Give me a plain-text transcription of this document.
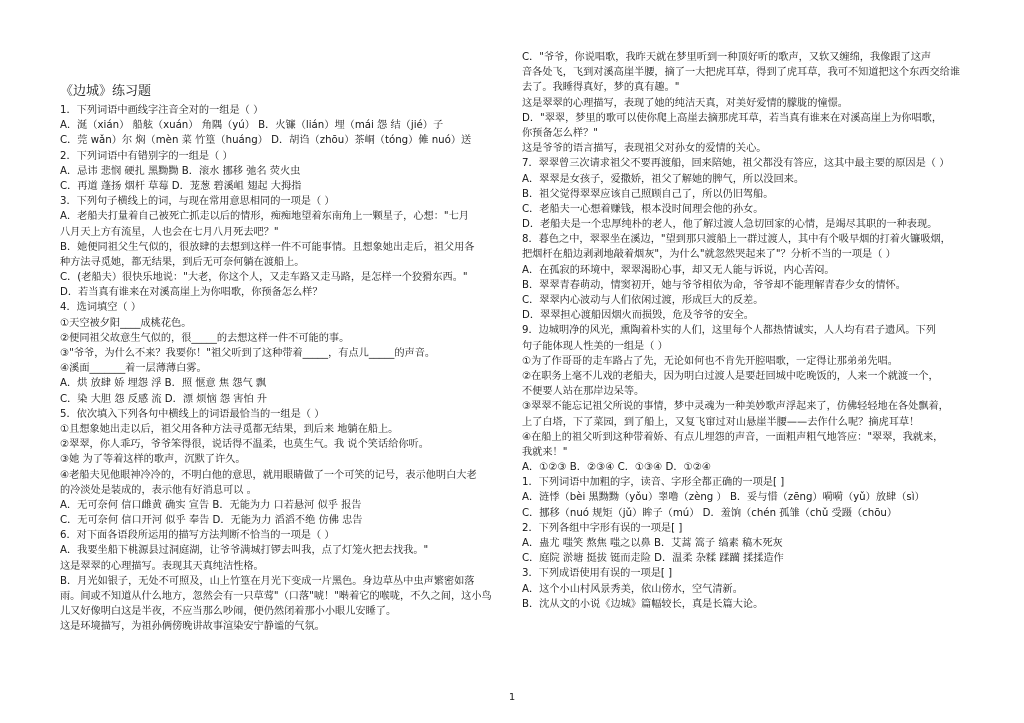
《边城》练习题
1．下列词语中画线字注音全对的一组是（ ）
A．涎（xián） 船舷（xuán） 角隅（yú） B．火镰（lián）埋（mái 怨 结（jié）子
C．莞 wǎn）尔 焖（mèn 菜 竹篁（huáng） D．胡诌（zhōu）茶峒（tóng）傩 nuó）送
2．下列词语中有错别字的一组是（ ）
A．忌讳 悲悯 硬扎 黑黝黝 B．滚水 挪移 弛名 荧火虫
C．再道 蓬扬 烟杆 草莓 D．茏葱 碧溪岨 翅起 大拇指
3．下列句子横线上的词，与现在常用意思相同的一项是（ ）
A．老船夫打量着自己被死亡抓走以后的情形，痴痴地望着东南角上一颗星子，心想："七月
八月天上方有流星，人也会在七月八月死去吧？"
B．她便同祖父生气似的，很放肆的去想到这样一件不可能事情。且想象她出走后，祖父用各
种方法寻觅她，都无结果，到后无可奈何躺在渡船上。
C．(老船夫）很快乐地说："大老，你这个人，又走车路又走马路，是怎样一个狡猾东西。"
D．若当真有谁来在对溪高崖上为你唱歌，你预备怎么样？
4．选词填空（ ）
①天空被夕阳____成桃花色。
②便同祖父故意生气似的，很_____的去想这样一件不可能的事。
③"爷爷，为什么不来？我要你！"祖父听到了这种带着_____，有点儿_____的声音。
④溪面_______着一层薄薄白雾。
A．烘 放肆 娇 埋怨 浮 B．照 惬意 焦 怨气 飘
C．染 大胆 怨 反感 流 D．漂 烦恼 怨 害怕 升
5．依次填入下列各句中横线上的词语最恰当的一组是（ ）
①且想象她出走以后，祖父用各种方法寻觅都无结果，到后来 地躺在船上。
②翠翠，你人乖巧，爷爷笨得很，说话得不温柔，也莫生气。我 说个笑话给你听。
③她 为了等着这样的歌声，沉默了许久。
④老船夫见他眼神冷冷的，不明白他的意思，就用眼睛做了一个可笑的记号，表示他明白大老
的冷淡处是装成的，表示他有好消息可以 。
A．无可奈何 信口雌黄 确实 宣告 B．无能为力 口若悬河 似乎 报告
C．无可奈何 信口开河 似乎 奉告 D．无能为力 滔滔不绝 仿佛 忠告
6．对下面各语段所运用的描写方法判断不恰当的一项是（ ）
A．我要坐船下桃源县过洞庭湖，让爷爷满城打锣去叫我，点了灯笼火把去找我。"
这是翠翠的心理描写。表现其天真纯洁性格。
B．月光如银子，无处不可照及，山上竹篁在月光下变成一片黑色。身边草丛中虫声繁密如落
雨。间或不知道从什么地方，忽然会有一只草莺"（口落"唬！"啭着它的喉咙，不久之间，这小鸟
儿又好像明白这是半夜，不应当那么吵闹，便仍然闭着那小小眼儿安睡了。
这是环境描写，为祖孙俩傍晚讲故事渲染安宁静谧的气氛。
C．"爷爷，你说唱歌，我昨天就在梦里听到一种顶好听的歌声，又软又缠绵，我像跟了这声
音各处飞，飞到对溪高崖半腰，摘了一大把虎耳草，得到了虎耳草，我可不知道把这个东西交给谁
去了。我睡得真好，梦的真有趣。"
这是翠翠的心理描写，表现了她的纯洁天真，对美好爱情的朦胧的憧憬。
D．"翠翠，梦里的歌可以使你爬上高崖去摘那虎耳草，若当真有谁来在对溪高崖上为你唱歌，
你预备怎么样？"
这是爷爷的语言描写，表现祖父对孙女的爱情的关心。
7．翠翠曾三次请求祖父不要再渡船，回来陪她，祖父都没有答应，这其中最主要的原因是（ ）
A．翠翠是女孩子，爱撒娇，祖父了解她的脾气，所以没回来。
B．祖父觉得翠翠应该自己照顾自己了，所以仍旧驾船。
C．老船夫一心想着赚钱，根本没时间理会他的孙女。
D．老船夫是一个忠厚纯朴的老人，他了解过渡人急切回家的心情，是竭尽其职的一种表现。
8．暮色之中，翠翠坐在溪边，"望到那只渡船上一群过渡人，其中有个吸早烟的打着火镰吸烟，
把烟杆在船边剥剥地敲着烟灰"，为什么"就忽然哭起来了"？分析不当的一项是（ ）
A．在孤寂的环境中，翠翠渴盼心事，却又无人能与诉说，内心苦闷。
B．翠翠青春萌动，情窦初开，她与爷爷相依为命，爷爷却不能理解青春少女的情怀。
C．翠翠内心波动与人们依闲过渡，形成巨大的反差。
D．翠翠担心渡船因烟火而损毁，危及爷爷的安全。
9．边城明净的风光，熏陶着朴实的人们，这里每个人都热情诚实，人人均有君子遗风。下列
句子能体现人性美的一组是（ ）
①为了作哥哥的走车路占了先，无论如何也不肯先开腔唱歌，一定得让那弟弟先唱。
②在职务上毫不儿戏的老船夫，因为明白过渡人是要赶回城中吃晚饭的，人来一个就渡一个，
不便要人站在那岸边呆等。
③翠翠不能忘记祖父所说的事情，梦中灵魂为一种美妙歌声浮起来了，仿佛轻轻地在各处飘着，
上了白塔，下了菜园，到了船上，又复飞窜过对山悬崖半腰——去作什么呢？摘虎耳草！
④在船上的祖父听到这种带着娇、有点儿埋怨的声音，一面粗声粗气地答应："翠翠，我就来，
我就来！"
A．①②③ B．②③④ C．①③④ D．①②④
1．下列词语中加粗的字，读音、字形全都正确的一项是[ ]
A．涟悸（bèi 黑黝黝（yǒu）睾噜（zèng ） B．妥与惜（zēng）嗬嗬（yǔ）放肆（sì）
C．挪移（nuó 规矩（jǔ）眸子（mú） D．羞饷（chén 孤雏（chǔ 受蹑（chōu）
2．下列各组中字形有误的一项是[ ]
A．蛊尤 嗤笑 熬焦 嗤之以鼻 B．艾蒿 篙子 缟素 稿木死灰
C．庭院 淤塘 挺拔 铤而走险 D．温柔 杂糅 蹂躏 揉揉造作
3．下列成语使用有误的一项是[ ]
A．这个小山村风景秀美，依山傍水，空气清新。
B．沈从文的小说《边城》篇幅较长，真是长篇大论。
1
